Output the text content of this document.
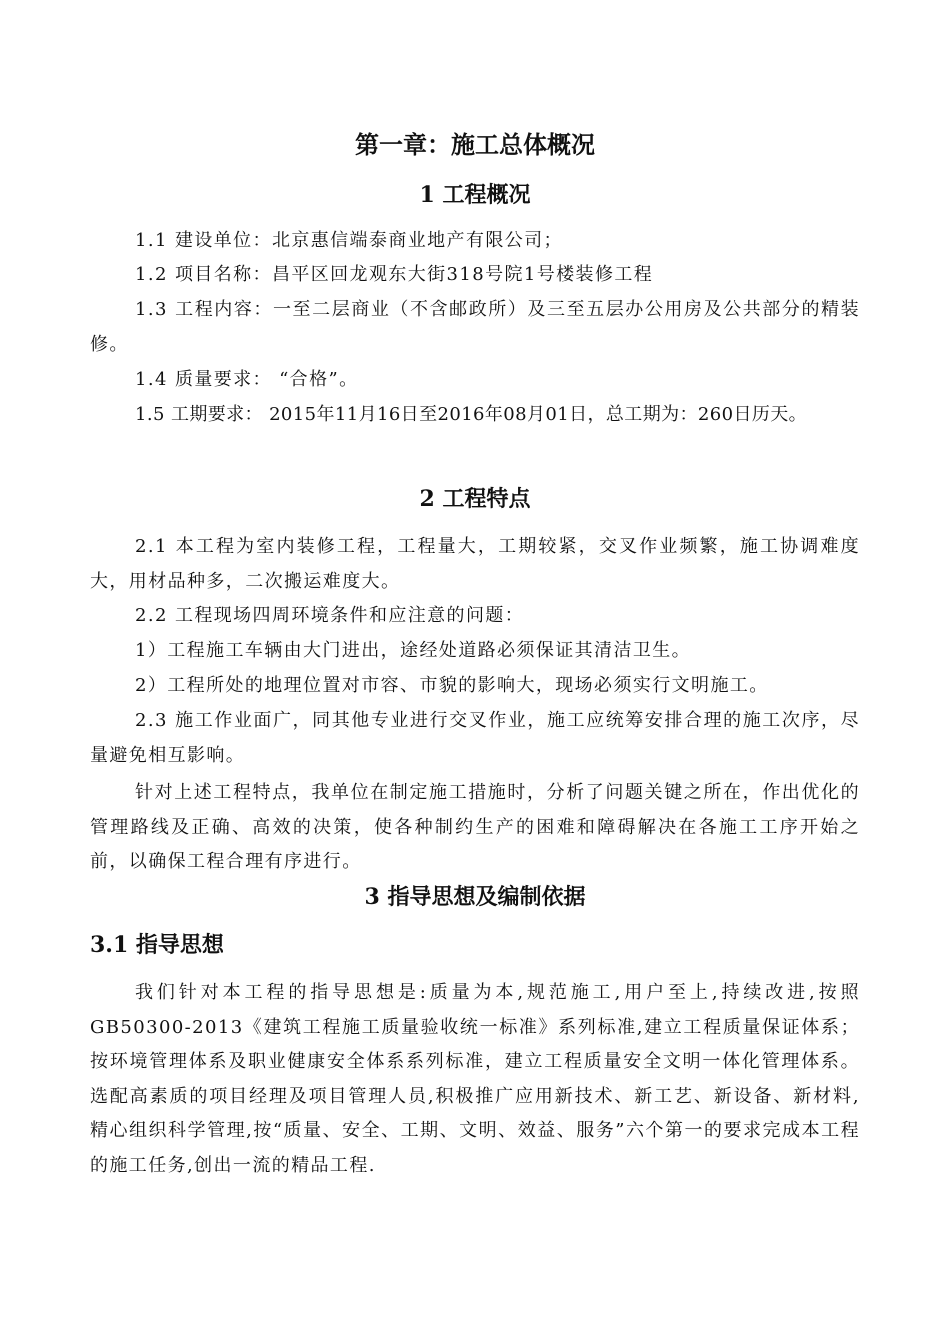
第一章：施工总体概况
1 工程概况
1.1 建设单位：北京惠信端泰商业地产有限公司；
1.2 项目名称：昌平区回龙观东大街318号院1号楼装修工程
1.3 工程内容：一至二层商业（不含邮政所）及三至五层办公用房及公共部分的精装修。
1.4 质量要求： “合格”。
1.5 工期要求： 2015年11月16日至2016年08月01日，总工期为：260日历天。
2 工程特点
2.1 本工程为室内装修工程，工程量大，工期较紧，交叉作业频繁，施工协调难度大，用材品种多，二次搬运难度大。
2.2 工程现场四周环境条件和应注意的问题：
1）工程施工车辆由大门进出，途经处道路必须保证其清洁卫生。
2）工程所处的地理位置对市容、市貌的影响大，现场必须实行文明施工。
2.3 施工作业面广，同其他专业进行交叉作业，施工应统筹安排合理的施工次序，尽量避免相互影响。
针对上述工程特点，我单位在制定施工措施时，分析了问题关键之所在，作出优化的管理路线及正确、高效的决策，使各种制约生产的困难和障碍解决在各施工工序开始之前，以确保工程合理有序进行。
3 指导思想及编制依据
3.1 指导思想
我们针对本工程的指导思想是:质量为本,规范施工,用户至上,持续改进,按照GB50300-2013《建筑工程施工质量验收统一标准》系列标准,建立工程质量保证体系；按环境管理体系及职业健康安全体系系列标准，建立工程质量安全文明一体化管理体系。选配高素质的项目经理及项目管理人员,积极推广应用新技术、新工艺、新设备、新材料,精心组织科学管理,按“质量、安全、工期、文明、效益、服务”六个第一的要求完成本工程的施工任务,创出一流的精品工程.
